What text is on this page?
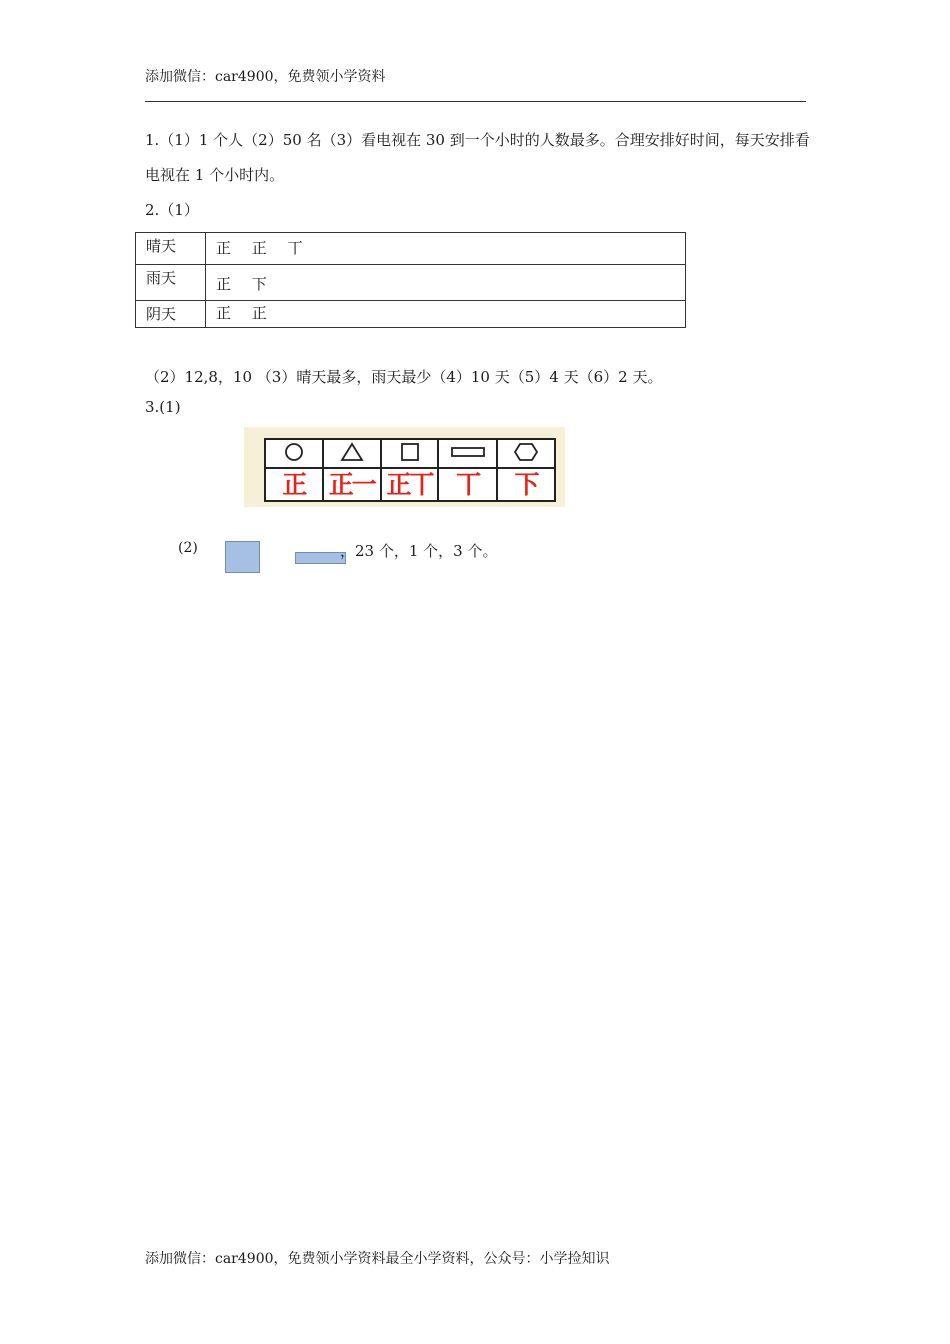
添加微信：car4900，免费领小学资料
1.（1）1 个人（2）50 名（3）看电视在 30 到一个小时的人数最多。合理安排好时间，每天安排看
电视在 1 个小时内。
2.（1）
晴天	正 正 丅
雨天	正 下
阴天	正 正
（2）12,8，10 （3）晴天最多，雨天最少（4）10 天（5）4 天（6）2 天。
3.(1)

正	正一	正丅	丅	下
(2)	，23 个，1 个，3 个。
添加微信：car4900，免费领小学资料最全小学资料，公众号：小学捡知识
